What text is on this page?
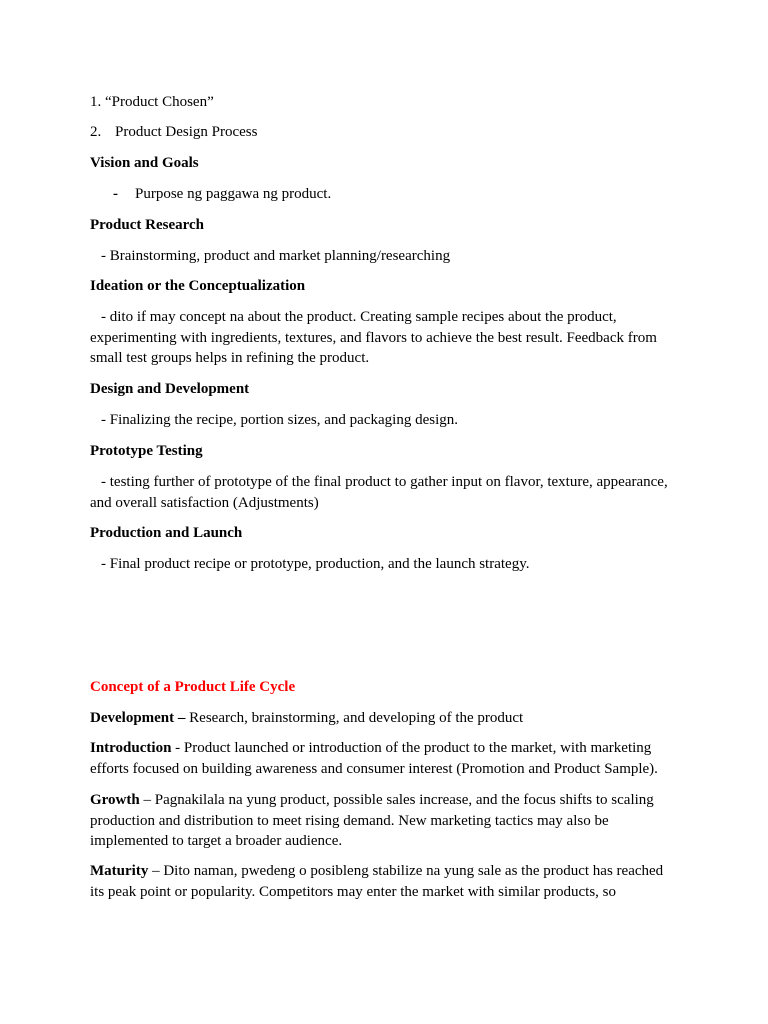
1. “Product Chosen”
2. Product Design Process
Vision and Goals
- Purpose ng paggawa ng product.
Product Research
- Brainstorming, product and market planning/researching
Ideation or the Conceptualization
- dito if may concept na about the product. Creating sample recipes about the product, experimenting with ingredients, textures, and flavors to achieve the best result. Feedback from small test groups helps in refining the product.
Design and Development
- Finalizing the recipe, portion sizes, and packaging design.
Prototype Testing
- testing further of prototype of the final product to gather input on flavor, texture, appearance, and overall satisfaction (Adjustments)
Production and Launch
- Final product recipe or prototype, production, and the launch strategy.
Concept of a Product Life Cycle
Development – Research, brainstorming, and developing of the product
Introduction - Product launched or introduction of the product to the market, with marketing efforts focused on building awareness and consumer interest (Promotion and Product Sample).
Growth – Pagnakilala na yung product, possible sales increase, and the focus shifts to scaling production and distribution to meet rising demand. New marketing tactics may also be implemented to target a broader audience.
Maturity – Dito naman, pwedeng o posibleng stabilize na yung sale as the product has reached its peak point or popularity. Competitors may enter the market with similar products, so
